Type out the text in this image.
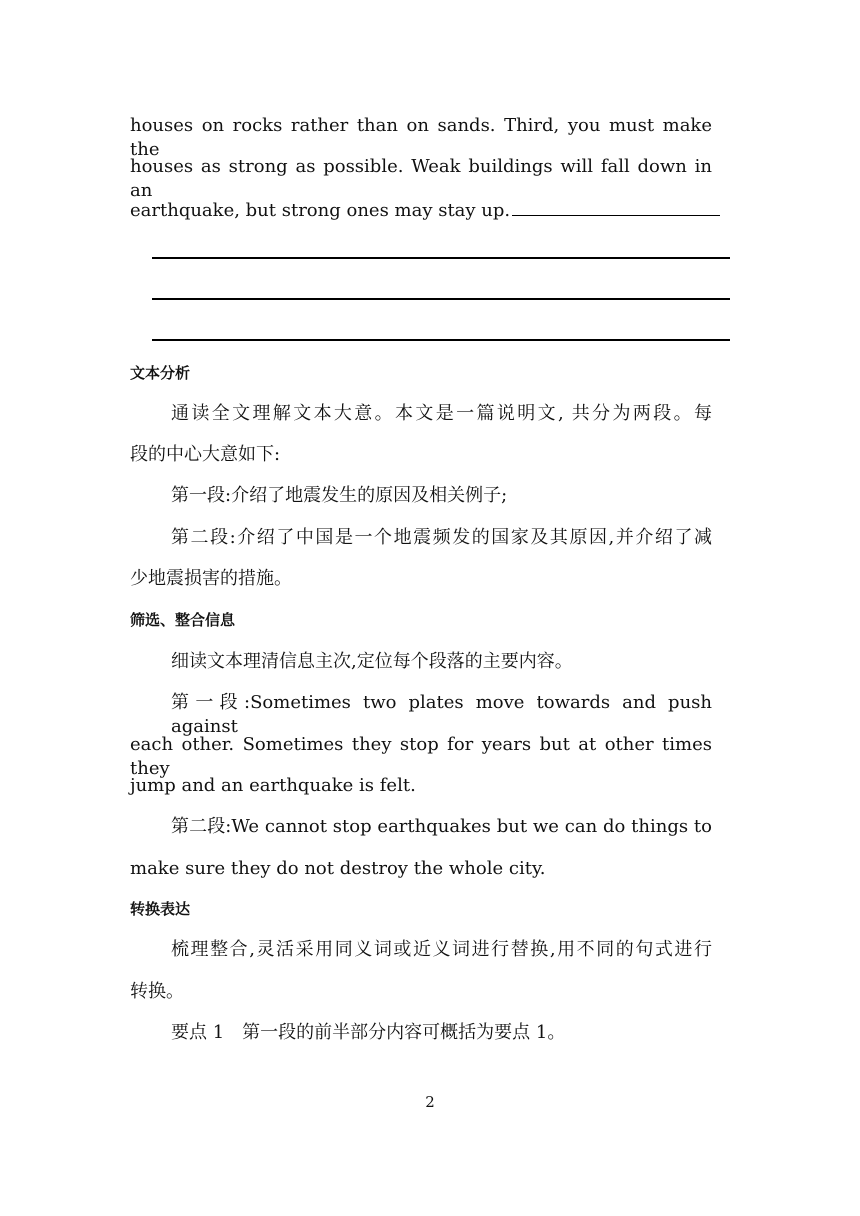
houses on rocks rather than on sands. Third, you must make the
houses as strong as possible. Weak buildings will fall down in an
earthquake, but strong ones may stay up.
文本分析
通读全文理解文本大意。本文是一篇说明文, 共分为两段。每
段的中心大意如下:
第一段:介绍了地震发生的原因及相关例子;
第二段:介绍了中国是一个地震频发的国家及其原因,并介绍了减
少地震损害的措施。
筛选、整合信息
细读文本理清信息主次,定位每个段落的主要内容。
第一段:Sometimes two plates move towards and push against
each other. Sometimes they stop for years but at other times they
jump and an earthquake is felt.
第二段:We cannot stop earthquakes but we can do things to
make sure they do not destroy the whole city.
转换表达
梳理整合,灵活采用同义词或近义词进行替换,用不同的句式进行
转换。
要点 1　第一段的前半部分内容可概括为要点 1。
2
